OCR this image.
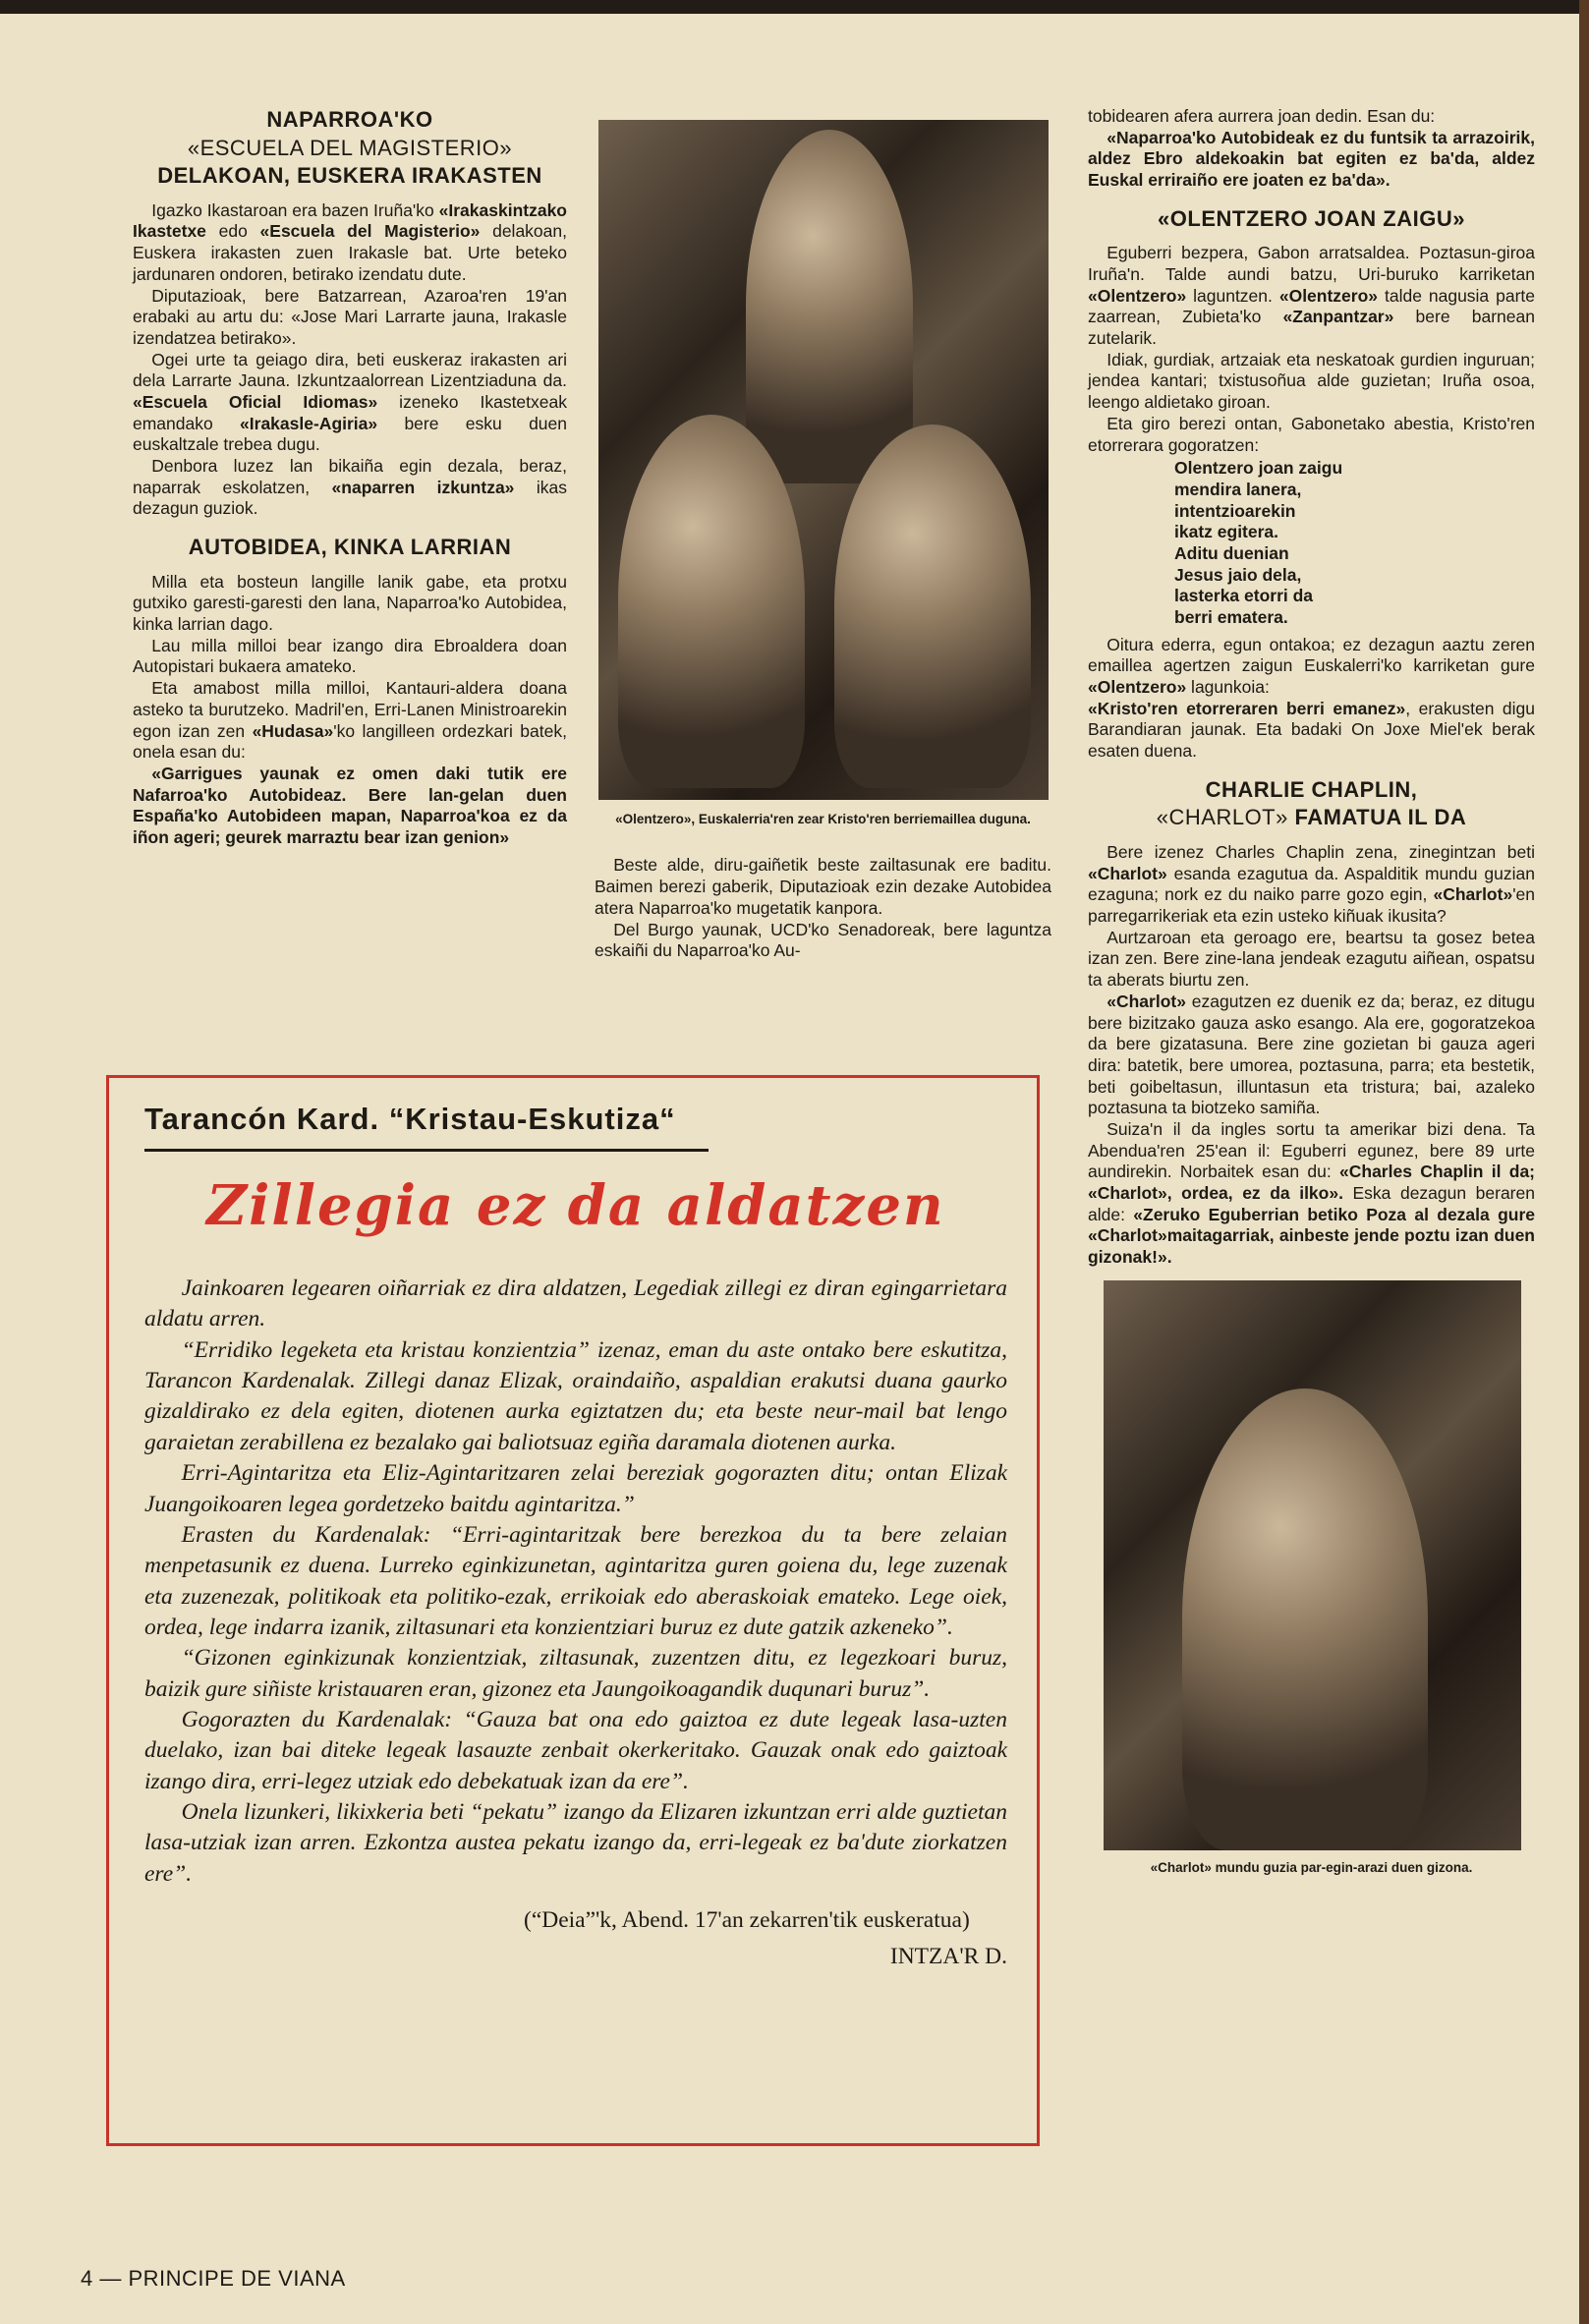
NAPARROA'KO
«ESCUELA DEL MAGISTERIO»
DELAKOAN, EUSKERA IRAKASTEN

Igazko Ikastaroan era bazen Iruña'ko «Irakaskintzako Ikastetxe edo «Escuela del Magisterio» delakoan, Euskera irakasten zuen Irakasle bat. Urte beteko jardunaren ondoren, betirako izendatu dute.

Diputazioak, bere Batzarrean, Azaroa'ren 19'an erabaki au artu du: «Jose Mari Larrarte jauna, Irakasle izendatzea betirako».

Ogei urte ta geiago dira, beti euskeraz irakasten ari dela Larrarte Jauna. Izkuntzaalorrean Lizentziaduna da. «Escuela Oficial Idiomas» izeneko Ikastetxeak emandako «Irakasle-Agiria» bere esku duen euskaltzale trebea dugu.

Denbora luzez lan bikaiña egin dezala, beraz, naparrak eskolatzen, «naparren izkuntza» ikas dezagun guziok.

AUTOBIDEA, KINKA LARRIAN

Milla eta bosteun langille lanik gabe, eta protxu gutxiko garesti-garesti den lana, Naparroa'ko Autobidea, kinka larrian dago.

Lau milla milloi bear izango dira Ebroaldera doan Autopistari bukaera amateko.

Eta amabost milla milloi, Kantauri-aldera doana asteko ta burutzeko. Madril'en, Erri-Lanen Ministroarekin egon izan zen «Hudasa»'ko langilleen ordezkari batek, onela esan du:

«Garrigues yaunak ez omen daki tutik ere Nafarroa'ko Autobideaz. Bere lan-gelan duen España'ko Autobideen mapan, Naparroa'koa ez da iñon ageri; geurek marraztu bear izan genion»

«Olentzero», Euskalerria'ren zear Kristo'ren berriemaillea duguna.

Beste alde, diru-gaiñetik beste zailtasunak ere baditu. Baimen berezi gaberik, Diputazioak ezin dezake Autobidea atera Naparroa'ko mugetatik kanpora.

Del Burgo yaunak, UCD'ko Senadoreak, bere laguntza eskaiñi du Naparroa'ko Au-

tobidearen afera aurrera joan dedin. Esan du:

«Naparroa'ko Autobideak ez du funtsik ta arrazoirik, aldez Ebro aldekoakin bat egiten ez ba'da, aldez Euskal erriraiño ere joaten ez ba'da».

«OLENTZERO JOAN ZAIGU»

Eguberri bezpera, Gabon arratsaldea. Poztasun-giroa Iruña'n. Talde aundi batzu, Uri-buruko karriketan «Olentzero» laguntzen. «Olentzero» talde nagusia parte zaarrean, Zubieta'ko «Zanpantzar» bere barnean zutelarik.

Idiak, gurdiak, artzaiak eta neskatoak gurdien inguruan; jendea kantari; txistusoñua alde guzietan; Iruña osoa, leengo aldietako giroan.

Eta giro berezi ontan, Gabonetako abestia, Kristo'ren etorrerara gogoratzen:

Olentzero joan zaigu
mendira lanera,
intentzioarekin
ikatz egitera.
Aditu duenian
Jesus jaio dela,
lasterka etorri da
berri ematera.

Oitura ederra, egun ontakoa; ez dezagun aaztu zeren emaillea agertzen zaigun Euskalerri'ko karriketan gure «Olentzero» lagunkoia:

«Kristo'ren etorreraren berri emanez», erakusten digu Barandiaran jaunak. Eta badaki On Joxe Miel'ek berak esaten duena.

CHARLIE CHAPLIN,
«CHARLOT» FAMATUA IL DA

Bere izenez Charles Chaplin zena, zinegintzan beti «Charlot» esanda ezagutua da. Aspalditik mundu guzian ezaguna; nork ez du naiko parre gozo egin, «Charlot»'en parregarrikeriak eta ezin usteko kiñuak ikusita?

Aurtzaroan eta geroago ere, beartsu ta gosez betea izan zen. Bere zine-lana jendeak ezagutu aiñean, ospatsu ta aberats biurtu zen.

«Charlot» ezagutzen ez duenik ez da; beraz, ez ditugu bere bizitzako gauza asko esango. Ala ere, gogoratzekoa da bere gizatasuna. Bere zine gozietan bi gauza ageri dira: batetik, bere umorea, poztasuna, parra; eta bestetik, beti goibeltasun, illuntasun eta tristura; bai, azaleko poztasuna ta biotzeko samiña.

Suiza'n il da ingles sortu ta amerikar bizi dena. Ta Abendua'ren 25'ean il: Eguberri egunez, bere 89 urte aundirekin. Norbaitek esan du: «Charles Chaplin il da; «Charlot», ordea, ez da ilko». Eska dezagun beraren alde: «Zeruko Eguberrian betiko Poza al dezala gure «Charlot»maitagarriak, ainbeste jende poztu izan duen gizonak!».

«Charlot» mundu guzia par-egin-arazi duen gizona.
Tarancón Kard. “Kristau-Eskutiza“
Zillegia ez da aldatzen

Jainkoaren legearen oiñarriak ez dira aldatzen, Legediak zillegi ez diran egingarrietara aldatu arren.

“Erridiko legeketa eta kristau konzientzia” izenaz, eman du aste ontako bere eskutitza, Tarancon Kardenalak. Zillegi danaz Elizak, oraindaiño, aspaldian erakutsi duana gaurko gizaldirako ez dela egiten, diotenen aurka egiztatzen du; eta beste neur-mail bat lengo garaietan zerabillena ez bezalako gai baliotsuaz egiña daramala diotenen aurka.

Erri-Agintaritza eta Eliz-Agintaritzaren zelai bereziak gogorazten ditu; ontan Elizak Juangoikoaren legea gordetzeko baitdu agintaritza.”

Erasten du Kardenalak: “Erri-agintaritzak bere berezkoa du ta bere zelaian menpetasunik ez duena. Lurreko eginkizunetan, agintaritza guren goiena du, lege zuzenak eta zuzenezak, politikoak eta politiko-ezak, errikoiak edo aberaskoiak emateko. Lege oiek, ordea, lege indarra izanik, ziltasunari eta konzientziari buruz ez dute gatzik azkeneko”.

“Gizonen eginkizunak konzientziak, ziltasunak, zuzentzen ditu, ez legezkoari buruz, baizik gure siñiste kristauaren eran, gizonez eta Jaungoikoagandik duqunari buruz”.

Gogorazten du Kardenalak: “Gauza bat ona edo gaiztoa ez dute legeak lasa-uzten duelako, izan bai diteke legeak lasauzte zenbait okerkeritako. Gauzak onak edo gaiztoak izango dira, erri-legez utziak edo debekatuak izan da ere”.

Onela lizunkeri, likixkeria beti “pekatu” izango da Elizaren izkuntzan erri alde guztietan lasa-utziak izan arren. Ezkontza austea pekatu izango da, erri-legeak ez ba'dute ziorkatzen ere”.

(“Deia”'k, Abend. 17'an zekarren'tik euskeratua)
INTZA'R D.
4 — PRINCIPE DE VIANA
